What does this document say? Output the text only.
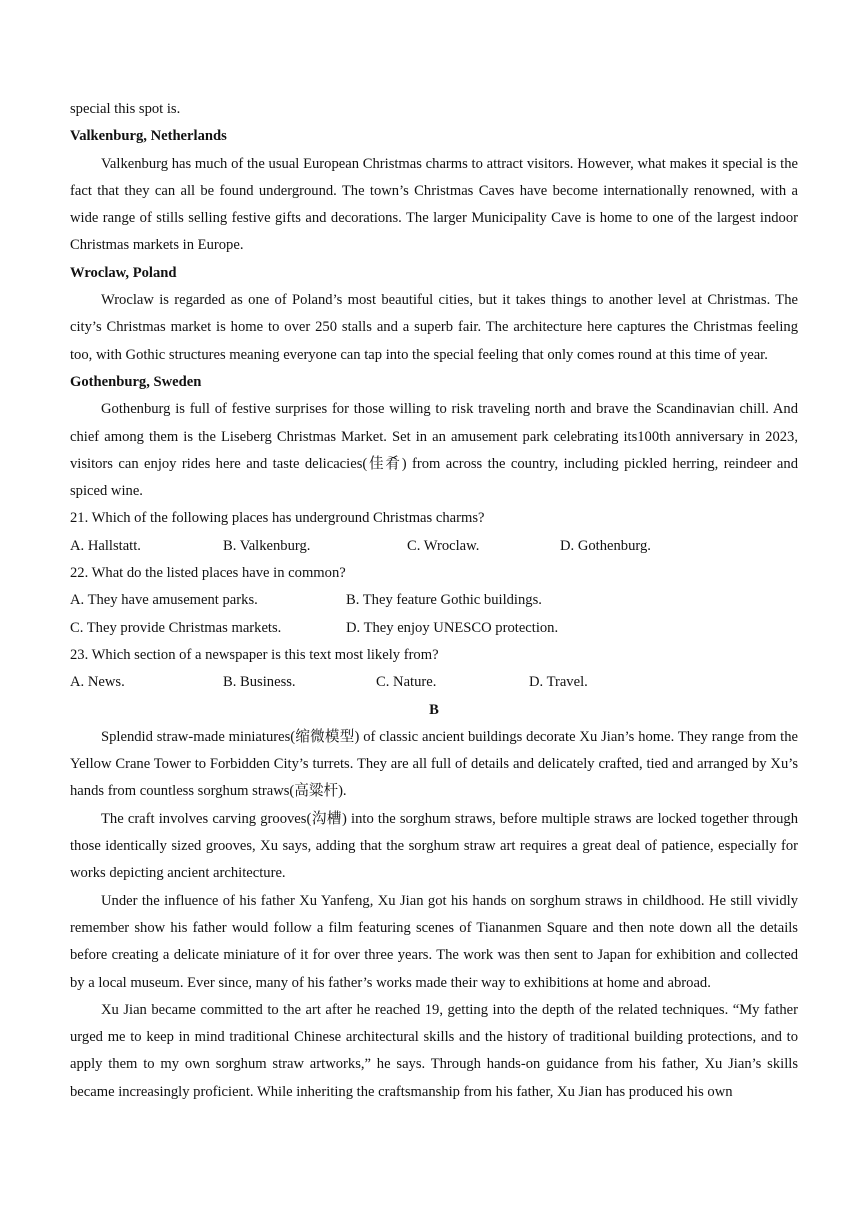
special this spot is.

Valkenburg, Netherlands

Valkenburg has much of the usual European Christmas charms to attract visitors. However, what makes it special is the fact that they can all be found underground. The town’s Christmas Caves have become internationally renowned, with a wide range of stills selling festive gifts and decorations. The larger Municipality Cave is home to one of the largest indoor Christmas markets in Europe.

Wroclaw, Poland

Wroclaw is regarded as one of Poland’s most beautiful cities, but it takes things to another level at Christmas. The city’s Christmas market is home to over 250 stalls and a superb fair. The architecture here captures the Christmas feeling too, with Gothic structures meaning everyone can tap into the special feeling that only comes round at this time of year.

Gothenburg, Sweden

Gothenburg is full of festive surprises for those willing to risk traveling north and brave the Scandinavian chill. And chief among them is the Liseberg Christmas Market. Set in an amusement park celebrating its100th anniversary in 2023, visitors can enjoy rides here and taste delicacies(佳肴) from across the country, including pickled herring, reindeer and spiced wine.

21. Which of the following places has underground Christmas charms?

A. Hallstatt.	B. Valkenburg.	C. Wroclaw.	D. Gothenburg.

22. What do the listed places have in common?

A. They have amusement parks.	B. They feature Gothic buildings.
C. They provide Christmas markets.	D. They enjoy UNESCO protection.

23. Which section of a newspaper is this text most likely from?

A. News.	B. Business.	C. Nature.	D. Travel.

B

Splendid straw-made miniatures(缩微模型) of classic ancient buildings decorate Xu Jian’s home. They range from the Yellow Crane Tower to Forbidden City’s turrets. They are all full of details and delicately crafted, tied and arranged by Xu’s hands from countless sorghum straws(高粱杆).

The craft involves carving grooves(沟槽) into the sorghum straws, before multiple straws are locked together through those identically sized grooves, Xu says, adding that the sorghum straw art requires a great deal of patience, especially for works depicting ancient architecture.

Under the influence of his father Xu Yanfeng, Xu Jian got his hands on sorghum straws in childhood. He still vividly remember show his father would follow a film featuring scenes of Tiananmen Square and then note down all the details before creating a delicate miniature of it for over three years. The work was then sent to Japan for exhibition and collected by a local museum. Ever since, many of his father’s works made their way to exhibitions at home and abroad.

Xu Jian became committed to the art after he reached 19, getting into the depth of the related techniques. “My father urged me to keep in mind traditional Chinese architectural skills and the history of traditional building protections, and to apply them to my own sorghum straw artworks,” he says. Through hands-on guidance from his father, Xu Jian’s skills became increasingly proficient. While inheriting the craftsmanship from his father, Xu Jian has produced his own
